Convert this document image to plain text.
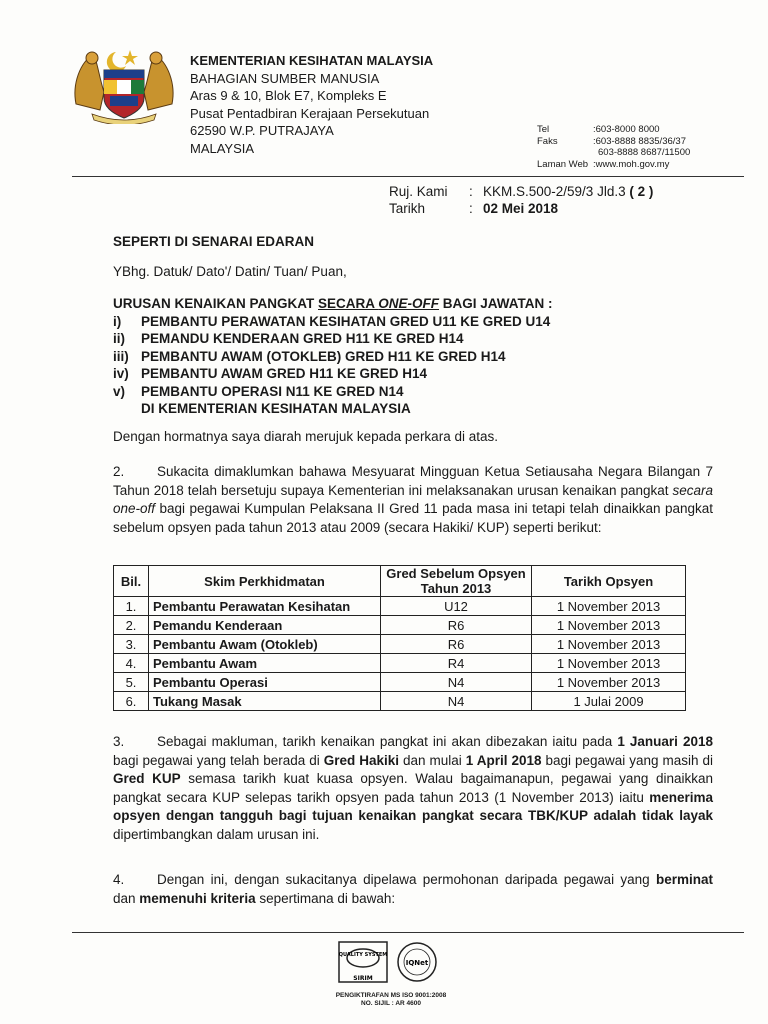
KEMENTERIAN KESIHATAN MALAYSIA
BAHAGIAN SUMBER MANUSIA
Aras 9 & 10, Blok E7, Kompleks E
Pusat Pentadbiran Kerajaan Persekutuan
62590 W.P. PUTRAJAYA
MALAYSIA
Tel	:603-8000 8000
Faks	:603-8888 8835/36/37
603-8888 8687/11500
Laman Web :www.moh.gov.my
Ruj. Kami	: KKM.S.500-2/59/3 Jld.3
( 2 )
Tarikh	: 02 Mei 2018
SEPERTI DI SENARAI EDARAN
YBhg. Datuk/ Dato'/ Datin/ Tuan/ Puan,
URUSAN KENAIKAN PANGKAT SECARA ONE-OFF BAGI JAWATAN :
i)	PEMBANTU PERAWATAN KESIHATAN GRED U11 KE GRED U14
ii)	PEMANDU KENDERAAN GRED H11 KE GRED H14
iii) PEMBANTU AWAM (OTOKLEB) GRED H11 KE GRED H14
iv) PEMBANTU AWAM GRED H11 KE GRED H14
v)	PEMBANTU OPERASI N11 KE GRED N14
DI KEMENTERIAN KESIHATAN MALAYSIA
Dengan hormatnya saya diarah merujuk kepada perkara di atas.
2. Sukacita dimaklumkan bahawa Mesyuarat Mingguan Ketua Setiausaha Negara Bilangan 7 Tahun 2018 telah bersetuju supaya Kementerian ini melaksanakan urusan kenaikan pangkat secara one-off bagi pegawai Kumpulan Pelaksana II Gred 11 pada masa ini tetapi telah dinaikkan pangkat sebelum opsyen pada tahun 2013 atau 2009 (secara Hakiki/ KUP) seperti berikut:
Bil.	Skim Perkhidmatan	Gred Sebelum Opsyen Tahun 2013	Tarikh Opsyen
1.	Pembantu Perawatan Kesihatan	U12	1 November 2013
2.	Pemandu Kenderaan	R6	1 November 2013
3.	Pembantu Awam (Otokleb)	R6	1 November 2013
4.	Pembantu Awam	R4	1 November 2013
5.	Pembantu Operasi	N4	1 November 2013
6.	Tukang Masak	N4	1 Julai 2009
3. Sebagai makluman, tarikh kenaikan pangkat ini akan dibezakan iaitu pada 1 Januari 2018 bagi pegawai yang telah berada di Gred Hakiki dan mulai 1 April 2018 bagi pegawai yang masih di Gred KUP semasa tarikh kuat kuasa opsyen. Walau bagaimanapun, pegawai yang dinaikkan pangkat secara KUP selepas tarikh opsyen pada tahun 2013 (1 November 2013) iaitu menerima opsyen dengan tangguh bagi tujuan kenaikan pangkat secara TBK/KUP adalah tidak layak dipertimbangkan dalam urusan ini.
4. Dengan ini, dengan sukacitanya dipelawa permohonan daripada pegawai yang berminat dan memenuhi kriteria sepertimana di bawah:
QUALITY SYSTEM
SIRIM
IQNet
PENGIKTIRAFAN MS ISO 9001:2008
NO. SIJIL : AR 4600
